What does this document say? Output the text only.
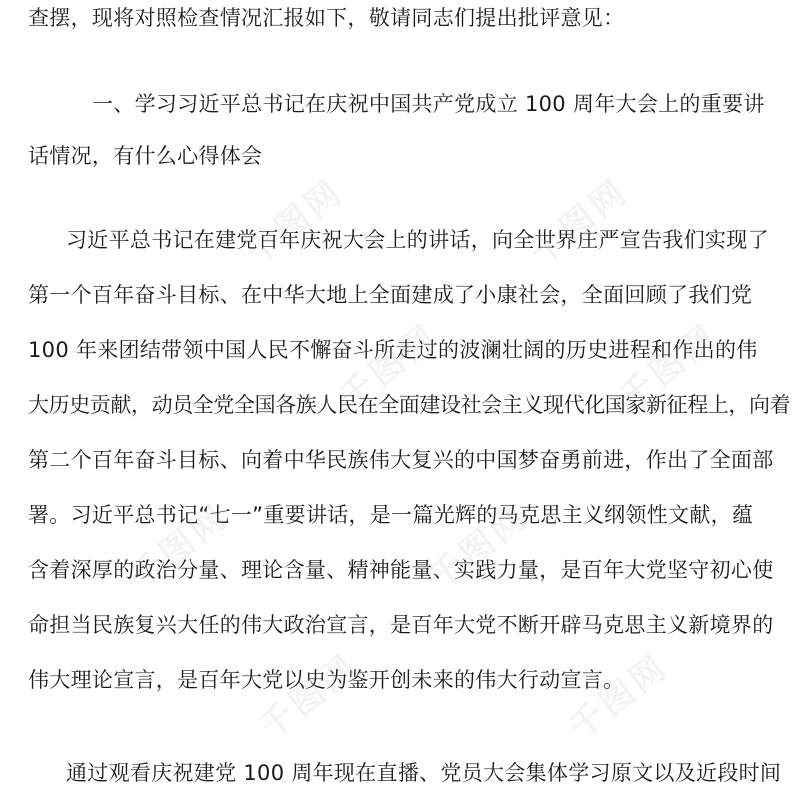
查摆，现将对照检查情况汇报如下，敬请同志们提出批评意见：
一、学习习近平总书记在庆祝中国共产党成立 100 周年大会上的重要讲
话情况，有什么心得体会
习近平总书记在建党百年庆祝大会上的讲话，向全世界庄严宣告我们实现了
第一个百年奋斗目标、在中华大地上全面建成了小康社会，全面回顾了我们党
100 年来团结带领中国人民不懈奋斗所走过的波澜壮阔的历史进程和作出的伟
大历史贡献，动员全党全国各族人民在全面建设社会主义现代化国家新征程上，向着
第二个百年奋斗目标、向着中华民族伟大复兴的中国梦奋勇前进，作出了全面部
署。习近平总书记“七一”重要讲话，是一篇光辉的马克思主义纲领性文献，蕴
含着深厚的政治分量、理论含量、精神能量、实践力量，是百年大党坚守初心使
命担当民族复兴大任的伟大政治宣言，是百年大党不断开辟马克思主义新境界的
伟大理论宣言，是百年大党以史为鉴开创未来的伟大行动宣言。
通过观看庆祝建党 100 周年现在直播、党员大会集体学习原文以及近段时间
千图网	千图网
千图网	千图网
千图网	千图网
千图网	千图网
